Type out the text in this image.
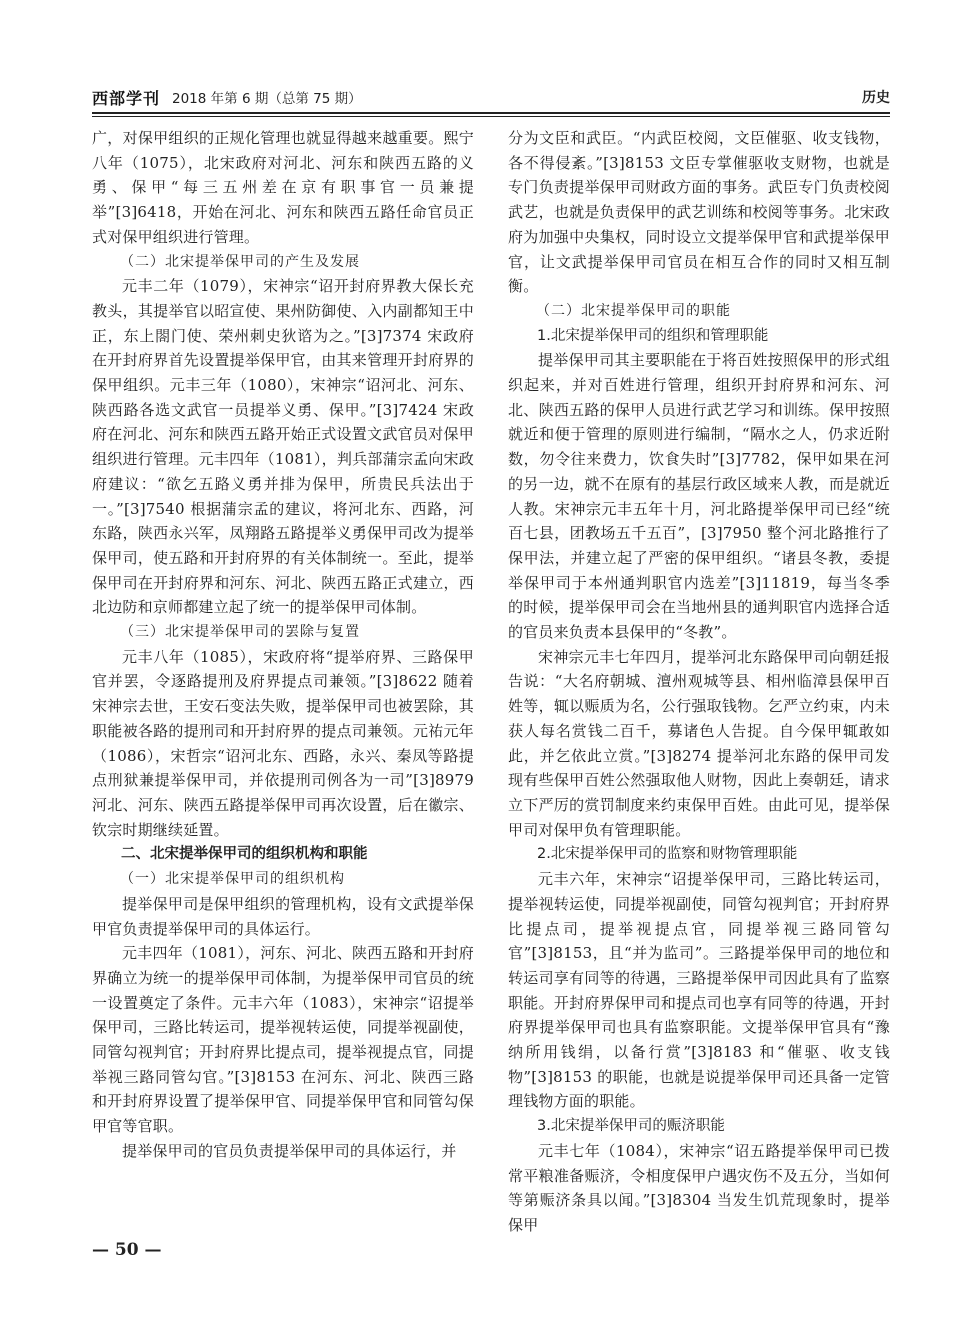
西部学刊 2018 年第 6 期（总第 75 期）	历史

广，对保甲组织的正规化管理也就显得越来越重要。熙宁八年（1075），北宋政府对河北、河东和陕西五路的义勇、保甲“每三五州差在京有职事官一员兼提举”[3]6418，开始在河北、河东和陕西五路任命官员正式对保甲组织进行管理。

（二）北宋提举保甲司的产生及发展

元丰二年（1079），宋神宗“诏开封府界教大保长充教头，其提举官以昭宣使、果州防御使、入内副都知王中正，东上閤门使、荣州刺史狄谘为之。”[3]7374 宋政府在开封府界首先设置提举保甲官，由其来管理开封府界的保甲组织。元丰三年（1080），宋神宗“诏河北、河东、陕西路各选文武官一员提举义勇、保甲。”[3]7424 宋政府在河北、河东和陕西五路开始正式设置文武官员对保甲组织进行管理。元丰四年（1081），判兵部蒲宗孟向宋政府建议：“欲乞五路义勇并排为保甲，所贵民兵法出于一。”[3]7540 根据蒲宗孟的建议，将河北东、西路，河东路，陕西永兴军，凤翔路五路提举义勇保甲司改为提举保甲司，使五路和开封府界的有关体制统一。至此，提举保甲司在开封府界和河东、河北、陕西五路正式建立，西北边防和京师都建立起了统一的提举保甲司体制。

（三）北宋提举保甲司的罢除与复置

元丰八年（1085），宋政府将“提举府界、三路保甲官并罢，令逐路提刑及府界提点司兼领。”[3]8622 随着宋神宗去世，王安石变法失败，提举保甲司也被罢除，其职能被各路的提刑司和开封府界的提点司兼领。元祐元年（1086），宋哲宗“诏河北东、西路，永兴、秦凤等路提点刑狱兼提举保甲司，并依提刑司例各为一司”[3]8979 河北、河东、陕西五路提举保甲司再次设置，后在徽宗、钦宗时期继续延置。

二、北宋提举保甲司的组织机构和职能
（一）北宋提举保甲司的组织机构

提举保甲司是保甲组织的管理机构，设有文武提举保甲官负责提举保甲司的具体运行。

元丰四年（1081），河东、河北、陕西五路和开封府界确立为统一的提举保甲司体制，为提举保甲司官员的统一设置奠定了条件。元丰六年（1083），宋神宗“诏提举保甲司，三路比转运司，提举视转运使，同提举视副使，同管勾视判官；开封府界比提点司，提举视提点官，同提举视三路同管勾官。”[3]8153 在河东、河北、陕西三路和开封府界设置了提举保甲官、同提举保甲官和同管勾保甲官等官职。

提举保甲司的官员负责提举保甲司的具体运行，并

分为文臣和武臣。“内武臣校阅，文臣催驱、收支钱物，各不得侵紊。”[3]8153 文臣专掌催驱收支财物，也就是专门负责提举保甲司财政方面的事务。武臣专门负责校阅武艺，也就是负责保甲的武艺训练和校阅等事务。北宋政府为加强中央集权，同时设立文提举保甲官和武提举保甲官，让文武提举保甲司官员在相互合作的同时又相互制衡。

（二）北宋提举保甲司的职能
1.北宋提举保甲司的组织和管理职能

提举保甲司其主要职能在于将百姓按照保甲的形式组织起来，并对百姓进行管理，组织开封府界和河东、河北、陕西五路的保甲人员进行武艺学习和训练。保甲按照就近和便于管理的原则进行编制，“隔水之人，仍求近附数，勿令往来费力，饮食失时”[3]7782，保甲如果在河的另一边，就不在原有的基层行政区域来人教，而是就近人教。宋神宗元丰五年十月，河北路提举保甲司已经“统百七县，团教场五千五百”，[3]7950 整个河北路推行了保甲法，并建立起了严密的保甲组织。“诸县冬教，委提举保甲司于本州通判职官内选差”[3]11819，每当冬季的时候，提举保甲司会在当地州县的通判职官内选择合适的官员来负责本县保甲的“冬教”。

宋神宗元丰七年四月，提举河北东路保甲司向朝廷报告说：“大名府朝城、澶州观城等县、相州临漳县保甲百姓等，辄以赈质为名，公行强取钱物。乞严立约束，内未获人每名赏钱二百千，募诸色人告捉。自今保甲辄敢如此，并乞依此立赏。”[3]8274 提举河北东路的保甲司发现有些保甲百姓公然强取他人财物，因此上奏朝廷，请求立下严厉的赏罚制度来约束保甲百姓。由此可见，提举保甲司对保甲负有管理职能。

2.北宋提举保甲司的监察和财物管理职能

元丰六年，宋神宗“诏提举保甲司，三路比转运司，提举视转运使，同提举视副使，同管勾视判官；开封府界比提点司，提举视提点官，同提举视三路同管勾官”[3]8153，且“并为监司”。三路提举保甲司的地位和转运司享有同等的待遇，三路提举保甲司因此具有了监察职能。开封府界保甲司和提点司也享有同等的待遇，开封府界提举保甲司也具有监察职能。文提举保甲官具有“豫纳所用钱绢，以备行赏”[3]8183 和“催驱、收支钱物”[3]8153 的职能，也就是说提举保甲司还具备一定管理钱物方面的职能。

3.北宋提举保甲司的赈济职能

元丰七年（1084），宋神宗“诏五路提举保甲司已拨常平粮准备赈济，令相度保甲户遇灾伤不及五分，当如何等第赈济条具以闻。”[3]8304 当发生饥荒现象时，提举保甲

— 50 —
